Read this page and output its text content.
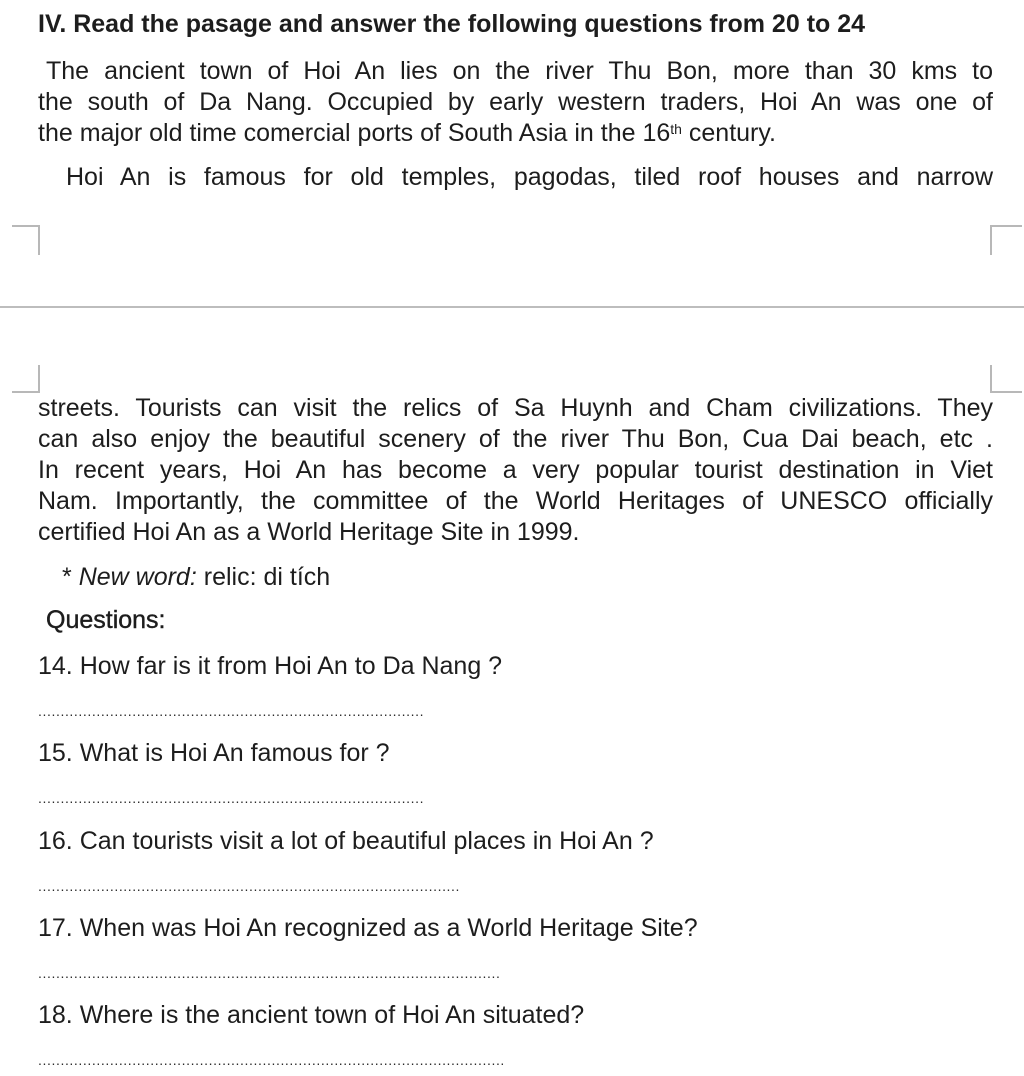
IV. Read the pasage and answer the following questions from 20 to 24
The ancient town of Hoi An lies on the river Thu Bon, more than 30 kms to
the south of Da Nang. Occupied by early western traders, Hoi An was one of
the major old time comercial ports of South Asia in the 16th century.
Hoi An is famous for old temples, pagodas, tiled roof houses and narrow
streets. Tourists can visit the relics of Sa Huynh and Cham civilizations. They
can also enjoy the beautiful scenery of the river Thu Bon, Cua Dai beach, etc .
In recent years, Hoi An has become a very popular tourist destination in Viet
Nam. Importantly, the committee of the World Heritages of UNESCO officially
certified Hoi An as a World Heritage Site in 1999.
* New word: relic: di tích
Questions:
14. How far is it from Hoi An to Da Nang ?
......................................................................................
15. What is Hoi An famous for ?
......................................................................................
16. Can tourists visit a lot of beautiful places in Hoi An ?
..............................................................................................
17. When was Hoi An recognized as a World Heritage Site?
.......................................................................................................
18. Where is the ancient town of Hoi An situated?
........................................................................................................
